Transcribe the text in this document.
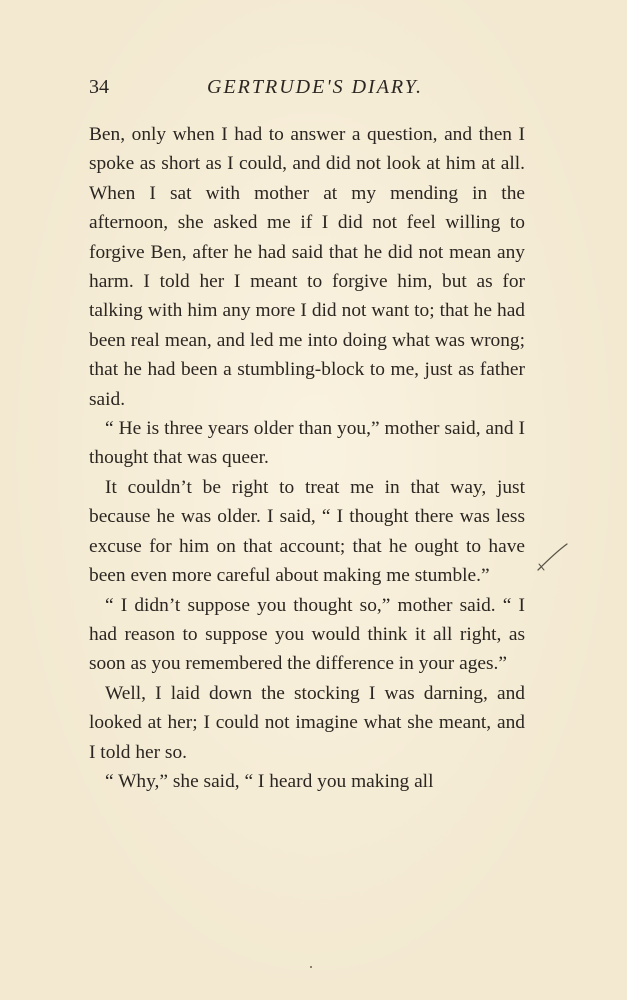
34	GERTRUDE'S DIARY.

Ben, only when I had to answer a question, and then I spoke as short as I could, and did not look at him at all. When I sat with mother at my mending in the afternoon, she asked me if I did not feel willing to forgive Ben, after he had said that he did not mean any harm. I told her I meant to forgive him, but as for talking with him any more I did not want to; that he had been real mean, and led me into doing what was wrong; that he had been a stumbling-block to me, just as father said.

“ He is three years older than you,” mother said, and I thought that was queer.

It couldn’t be right to treat me in that way, just because he was older. I said, “ I thought there was less excuse for him on that account; that he ought to have been even more careful about making me stumble.”

“ I didn’t suppose you thought so,” mother said. “ I had reason to suppose you would think it all right, as soon as you remembered the difference in your ages.”

Well, I laid down the stocking I was darning, and looked at her; I could not imagine what she meant, and I told her so.

“ Why,” she said, “ I heard you making all
